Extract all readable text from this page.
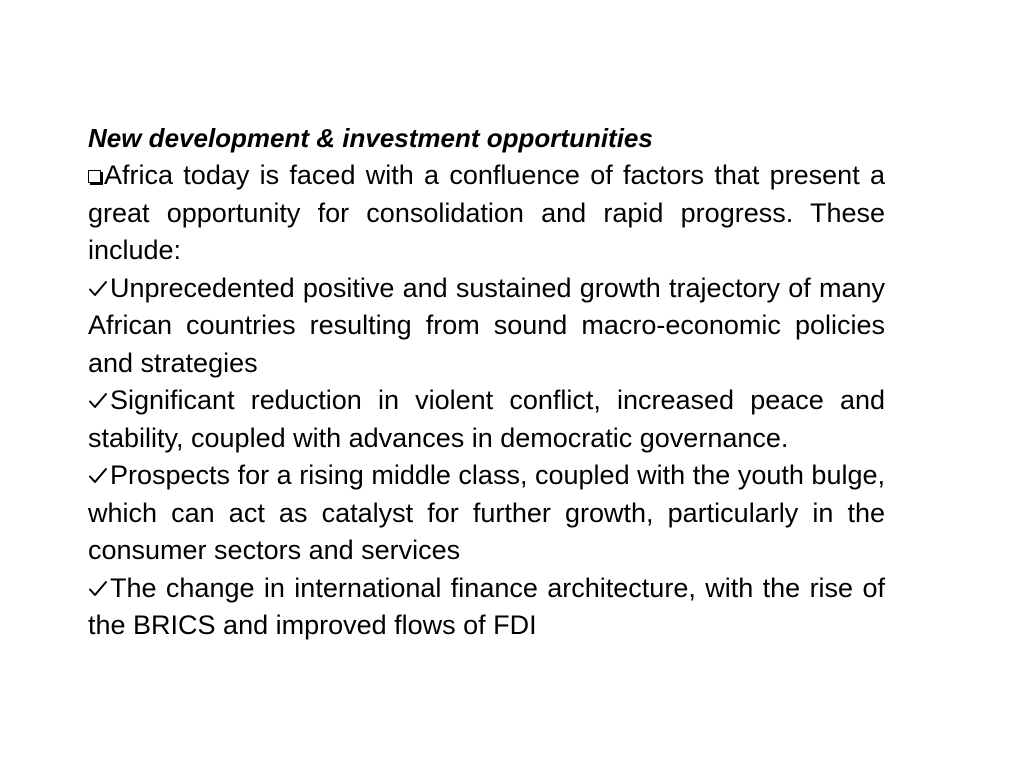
New development & investment opportunities

Africa today is faced with a confluence of factors that present a great opportunity for consolidation and rapid progress. These include:

Unprecedented positive and sustained growth trajectory of many African countries resulting from sound macro-economic policies and strategies

Significant reduction in violent conflict, increased peace and stability, coupled with advances in democratic governance.

Prospects for a rising middle class, coupled with the youth bulge, which can act as catalyst for further growth, particularly in the consumer sectors and services

The change in international finance architecture, with the rise of the BRICS and improved flows of FDI
